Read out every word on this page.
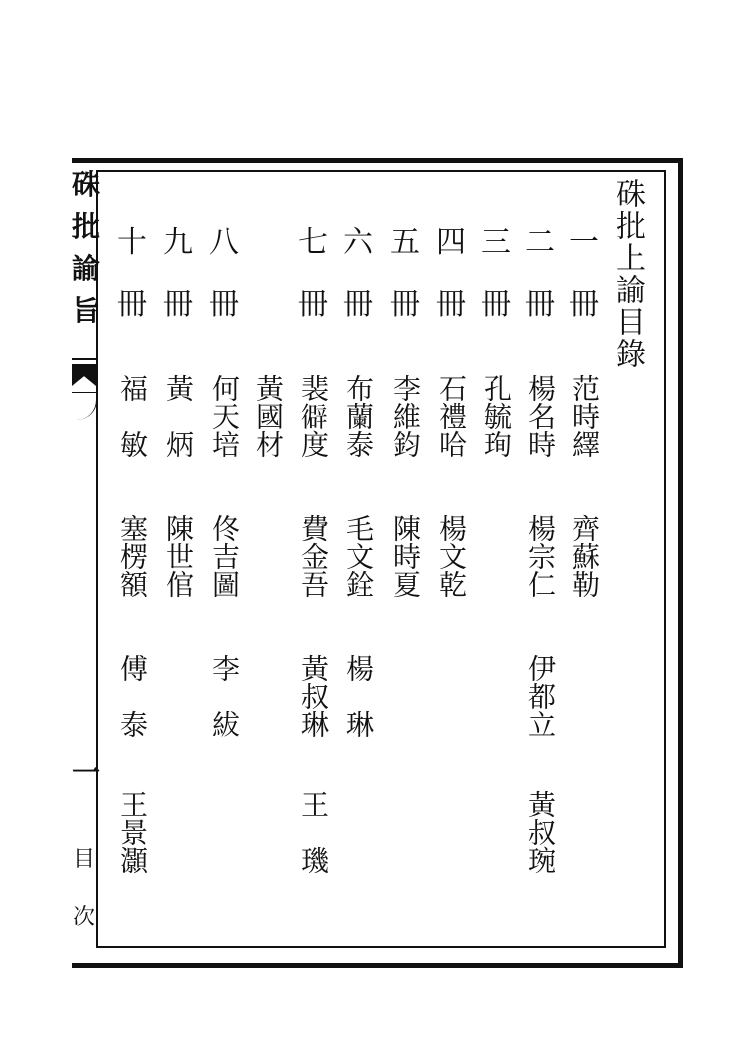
硃
批
諭
旨
一
目
次
硃批上諭目錄
一
冊
范時繹
齊蘇勒
二
冊
楊名時
楊宗仁
伊都立
黃叔琬
三
冊
孔毓珣
四
冊
石禮哈
楊文乾
五
冊
李維鈞
陳時夏
六
冊
布蘭泰
毛文銓
楊　琳
七
冊
裴𢕾度
費金吾
黃叔琳
王　璣
黃國材
八
冊
何天培
佟吉圖
李　紱
九
冊
黃　炳
陳世倌
十
冊
福　敏
塞楞額
傅　泰
王景灝
